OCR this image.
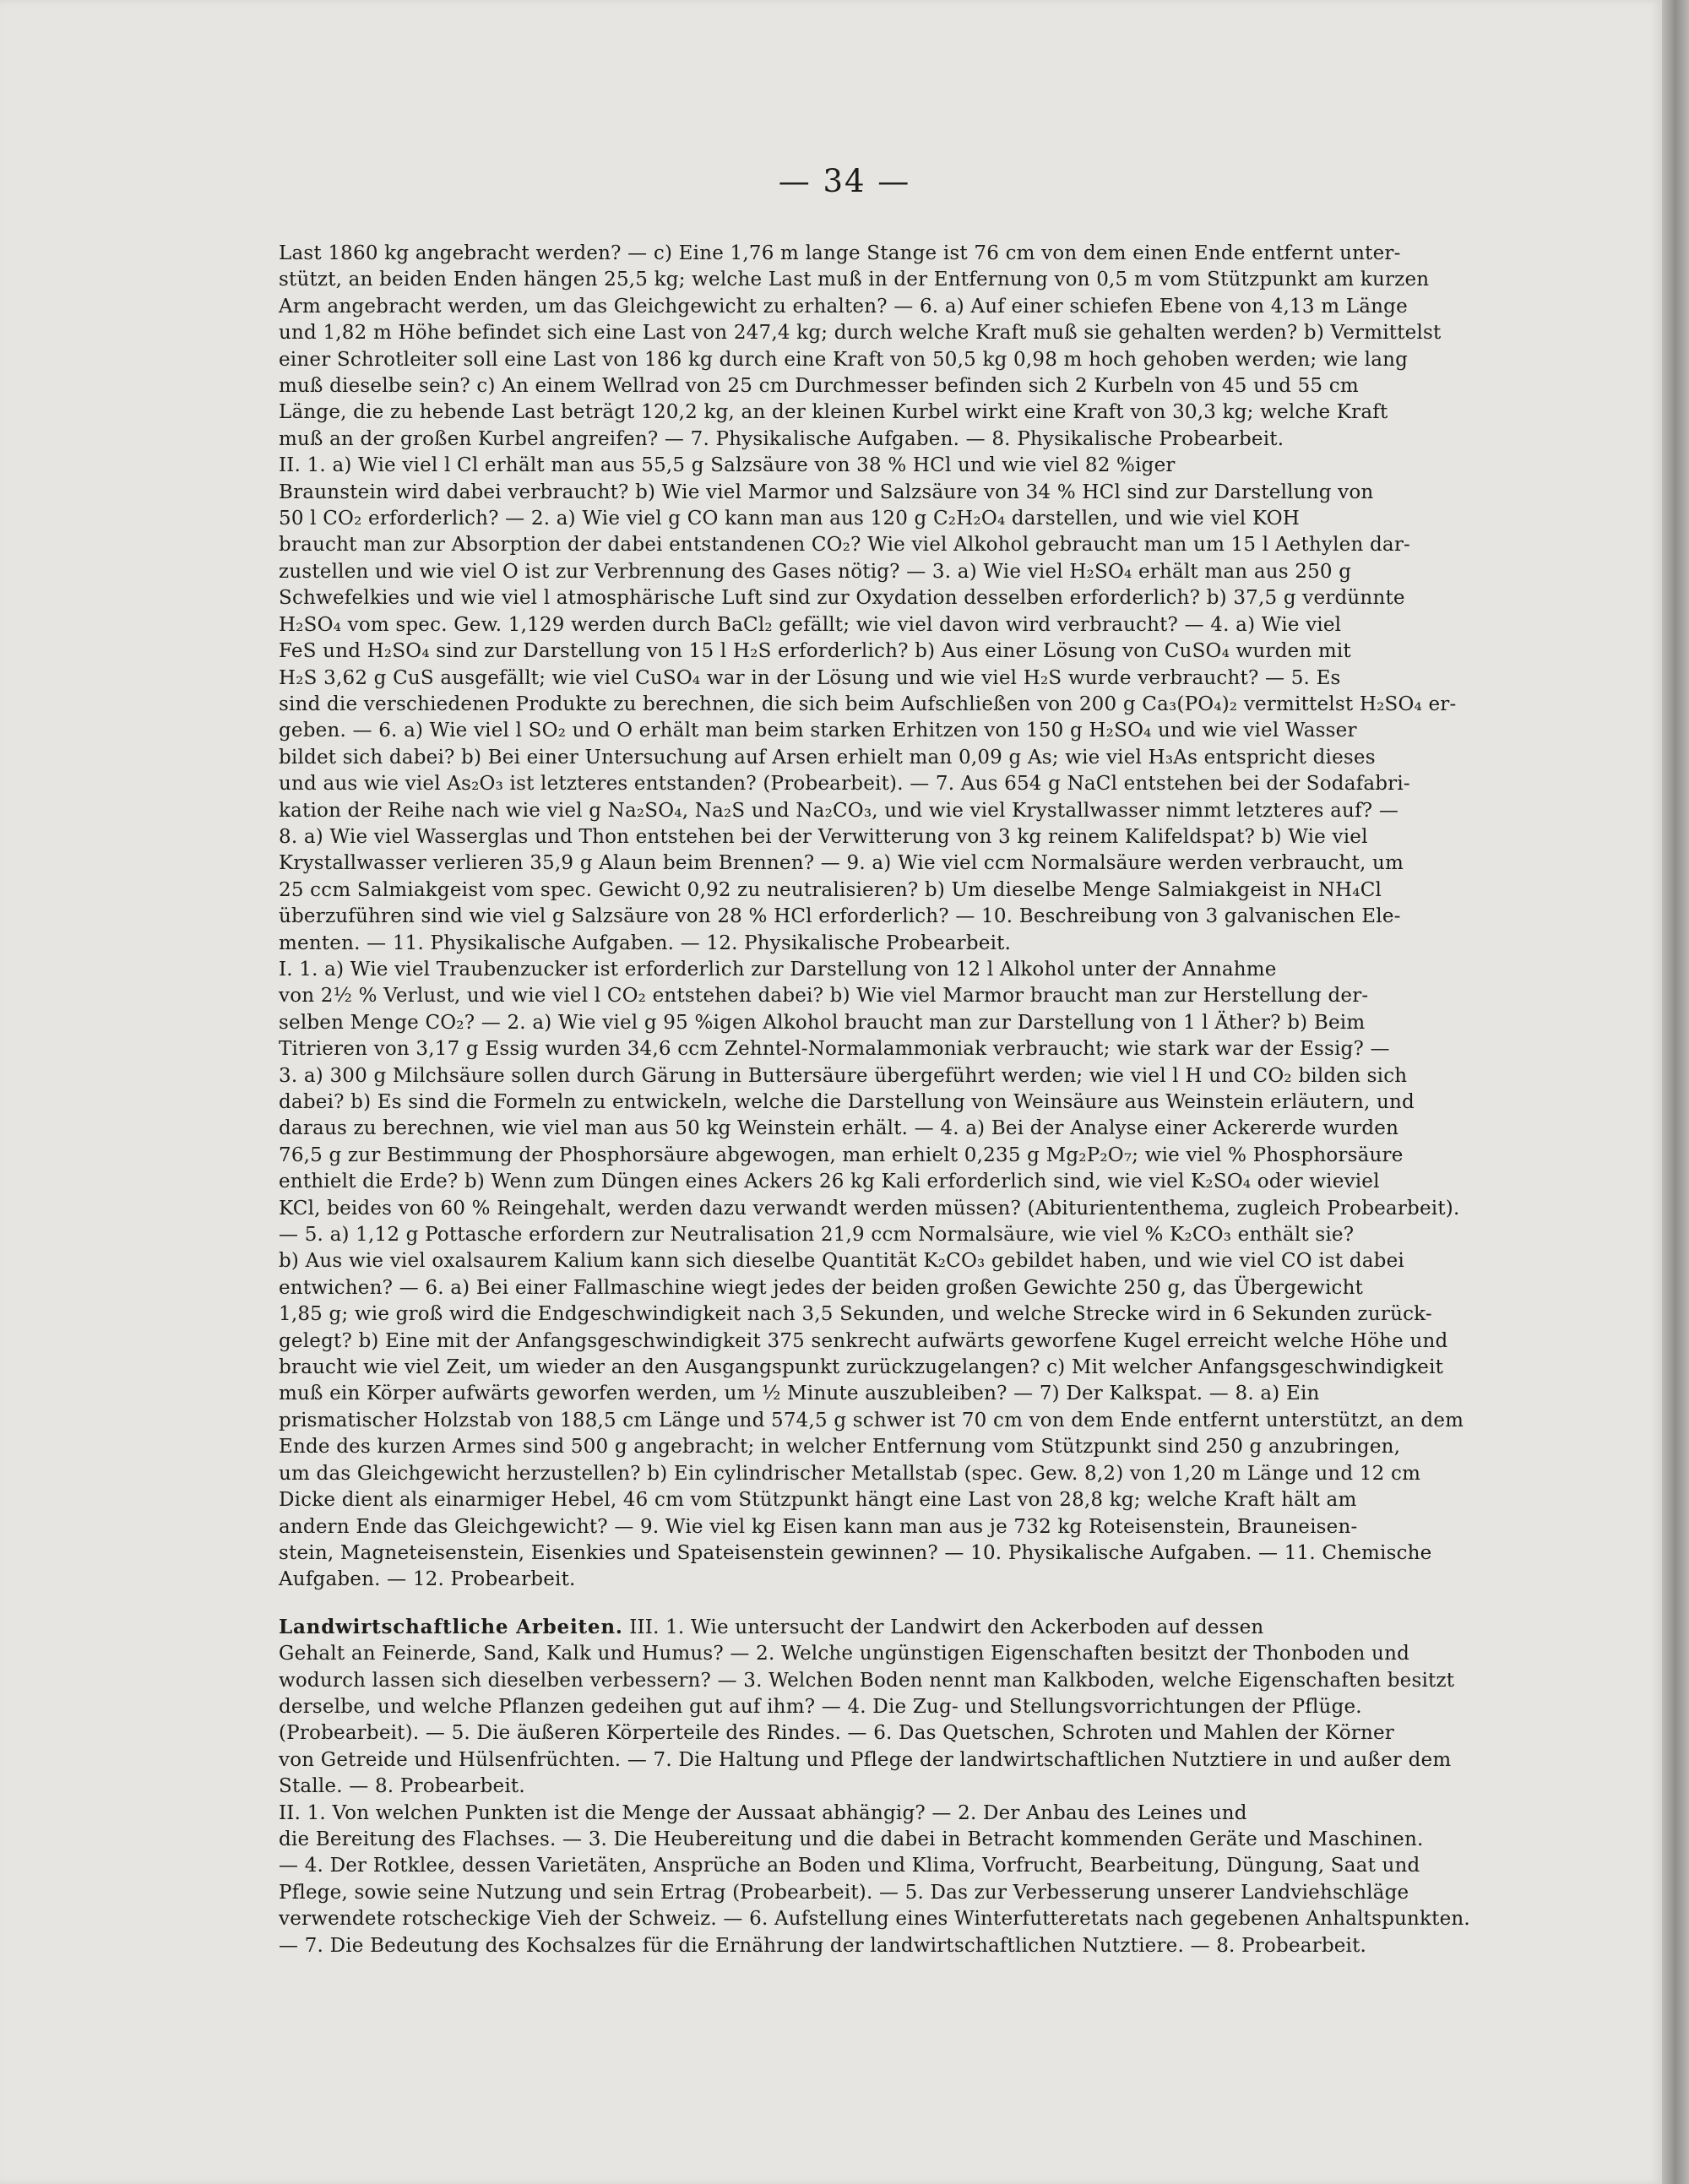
— 34 —

Last 1860 kg angebracht werden? — c) Eine 1,76 m lange Stange ist 76 cm von dem einen Ende entfernt unter-
stützt, an beiden Enden hängen 25,5 kg; welche Last muß in der Entfernung von 0,5 m vom Stützpunkt am kurzen
Arm angebracht werden, um das Gleichgewicht zu erhalten? — 6. a) Auf einer schiefen Ebene von 4,13 m Länge
und 1,82 m Höhe befindet sich eine Last von 247,4 kg; durch welche Kraft muß sie gehalten werden? b) Vermittelst
einer Schrotleiter soll eine Last von 186 kg durch eine Kraft von 50,5 kg 0,98 m hoch gehoben werden; wie lang
muß dieselbe sein? c) An einem Wellrad von 25 cm Durchmesser befinden sich 2 Kurbeln von 45 und 55 cm
Länge, die zu hebende Last beträgt 120,2 kg, an der kleinen Kurbel wirkt eine Kraft von 30,3 kg; welche Kraft
muß an der großen Kurbel angreifen? — 7. Physikalische Aufgaben. — 8. Physikalische Probearbeit.

II. 1. a) Wie viel l Cl erhält man aus 55,5 g Salzsäure von 38 % HCl und wie viel 82 %iger
Braunstein wird dabei verbraucht? b) Wie viel Marmor und Salzsäure von 34 % HCl sind zur Darstellung von
50 l CO₂ erforderlich? — 2. a) Wie viel g CO kann man aus 120 g C₂H₂O₄ darstellen, und wie viel KOH
braucht man zur Absorption der dabei entstandenen CO₂? Wie viel Alkohol gebraucht man um 15 l Aethylen dar-
zustellen und wie viel O ist zur Verbrennung des Gases nötig? — 3. a) Wie viel H₂SO₄ erhält man aus 250 g
Schwefelkies und wie viel l atmosphärische Luft sind zur Oxydation desselben erforderlich? b) 37,5 g verdünnte
H₂SO₄ vom spec. Gew. 1,129 werden durch BaCl₂ gefällt; wie viel davon wird verbraucht? — 4. a) Wie viel
FeS und H₂SO₄ sind zur Darstellung von 15 l H₂S erforderlich? b) Aus einer Lösung von CuSO₄ wurden mit
H₂S 3,62 g CuS ausgefällt; wie viel CuSO₄ war in der Lösung und wie viel H₂S wurde verbraucht? — 5. Es
sind die verschiedenen Produkte zu berechnen, die sich beim Aufschließen von 200 g Ca₃(PO₄)₂ vermittelst H₂SO₄ er-
geben. — 6. a) Wie viel l SO₂ und O erhält man beim starken Erhitzen von 150 g H₂SO₄ und wie viel Wasser
bildet sich dabei? b) Bei einer Untersuchung auf Arsen erhielt man 0,09 g As; wie viel H₃As entspricht dieses
und aus wie viel As₂O₃ ist letzteres entstanden? (Probearbeit). — 7. Aus 654 g NaCl entstehen bei der Sodafabri-
kation der Reihe nach wie viel g Na₂SO₄, Na₂S und Na₂CO₃, und wie viel Krystallwasser nimmt letzteres auf? —
8. a) Wie viel Wasserglas und Thon entstehen bei der Verwitterung von 3 kg reinem Kalifeldspat? b) Wie viel
Krystallwasser verlieren 35,9 g Alaun beim Brennen? — 9. a) Wie viel ccm Normalsäure werden verbraucht, um
25 ccm Salmiakgeist vom spec. Gewicht 0,92 zu neutralisieren? b) Um dieselbe Menge Salmiakgeist in NH₄Cl
überzuführen sind wie viel g Salzsäure von 28 % HCl erforderlich? — 10. Beschreibung von 3 galvanischen Ele-
menten. — 11. Physikalische Aufgaben. — 12. Physikalische Probearbeit.

I. 1. a) Wie viel Traubenzucker ist erforderlich zur Darstellung von 12 l Alkohol unter der Annahme
von 2½ % Verlust, und wie viel l CO₂ entstehen dabei? b) Wie viel Marmor braucht man zur Herstellung der-
selben Menge CO₂? — 2. a) Wie viel g 95 %igen Alkohol braucht man zur Darstellung von 1 l Äther? b) Beim
Titrieren von 3,17 g Essig wurden 34,6 ccm Zehntel-Normalammoniak verbraucht; wie stark war der Essig? —
3. a) 300 g Milchsäure sollen durch Gärung in Buttersäure übergeführt werden; wie viel l H und CO₂ bilden sich
dabei? b) Es sind die Formeln zu entwickeln, welche die Darstellung von Weinsäure aus Weinstein erläutern, und
daraus zu berechnen, wie viel man aus 50 kg Weinstein erhält. — 4. a) Bei der Analyse einer Ackererde wurden
76,5 g zur Bestimmung der Phosphorsäure abgewogen, man erhielt 0,235 g Mg₂P₂O₇; wie viel % Phosphorsäure
enthielt die Erde? b) Wenn zum Düngen eines Ackers 26 kg Kali erforderlich sind, wie viel K₂SO₄ oder wieviel
KCl, beides von 60 % Reingehalt, werden dazu verwandt werden müssen? (Abituriententhema, zugleich Probearbeit).
— 5. a) 1,12 g Pottasche erfordern zur Neutralisation 21,9 ccm Normalsäure, wie viel % K₂CO₃ enthält sie?
b) Aus wie viel oxalsaurem Kalium kann sich dieselbe Quantität K₂CO₃ gebildet haben, und wie viel CO ist dabei
entwichen? — 6. a) Bei einer Fallmaschine wiegt jedes der beiden großen Gewichte 250 g, das Übergewicht
1,85 g; wie groß wird die Endgeschwindigkeit nach 3,5 Sekunden, und welche Strecke wird in 6 Sekunden zurück-
gelegt? b) Eine mit der Anfangsgeschwindigkeit 375 senkrecht aufwärts geworfene Kugel erreicht welche Höhe und
braucht wie viel Zeit, um wieder an den Ausgangspunkt zurückzugelangen? c) Mit welcher Anfangsgeschwindigkeit
muß ein Körper aufwärts geworfen werden, um ½ Minute auszubleiben? — 7) Der Kalkspat. — 8. a) Ein
prismatischer Holzstab von 188,5 cm Länge und 574,5 g schwer ist 70 cm von dem Ende entfernt unterstützt, an dem
Ende des kurzen Armes sind 500 g angebracht; in welcher Entfernung vom Stützpunkt sind 250 g anzubringen,
um das Gleichgewicht herzustellen? b) Ein cylindrischer Metallstab (spec. Gew. 8,2) von 1,20 m Länge und 12 cm
Dicke dient als einarmiger Hebel, 46 cm vom Stützpunkt hängt eine Last von 28,8 kg; welche Kraft hält am
andern Ende das Gleichgewicht? — 9. Wie viel kg Eisen kann man aus je 732 kg Roteisenstein, Brauneisen-
stein, Magneteisenstein, Eisenkies und Spateisenstein gewinnen? — 10. Physikalische Aufgaben. — 11. Chemische
Aufgaben. — 12. Probearbeit.

Landwirtschaftliche Arbeiten. III. 1. Wie untersucht der Landwirt den Ackerboden auf dessen
Gehalt an Feinerde, Sand, Kalk und Humus? — 2. Welche ungünstigen Eigenschaften besitzt der Thonboden und
wodurch lassen sich dieselben verbessern? — 3. Welchen Boden nennt man Kalkboden, welche Eigenschaften besitzt
derselbe, und welche Pflanzen gedeihen gut auf ihm? — 4. Die Zug- und Stellungsvorrichtungen der Pflüge.
(Probearbeit). — 5. Die äußeren Körperteile des Rindes. — 6. Das Quetschen, Schroten und Mahlen der Körner
von Getreide und Hülsenfrüchten. — 7. Die Haltung und Pflege der landwirtschaftlichen Nutztiere in und außer dem
Stalle. — 8. Probearbeit.

II. 1. Von welchen Punkten ist die Menge der Aussaat abhängig? — 2. Der Anbau des Leines und
die Bereitung des Flachses. — 3. Die Heubereitung und die dabei in Betracht kommenden Geräte und Maschinen.
— 4. Der Rotklee, dessen Varietäten, Ansprüche an Boden und Klima, Vorfrucht, Bearbeitung, Düngung, Saat und
Pflege, sowie seine Nutzung und sein Ertrag (Probearbeit). — 5. Das zur Verbesserung unserer Landviehschläge
verwendete rotscheckige Vieh der Schweiz. — 6. Aufstellung eines Winterfutteretats nach gegebenen Anhaltspunkten.
— 7. Die Bedeutung des Kochsalzes für die Ernährung der landwirtschaftlichen Nutztiere. — 8. Probearbeit.
